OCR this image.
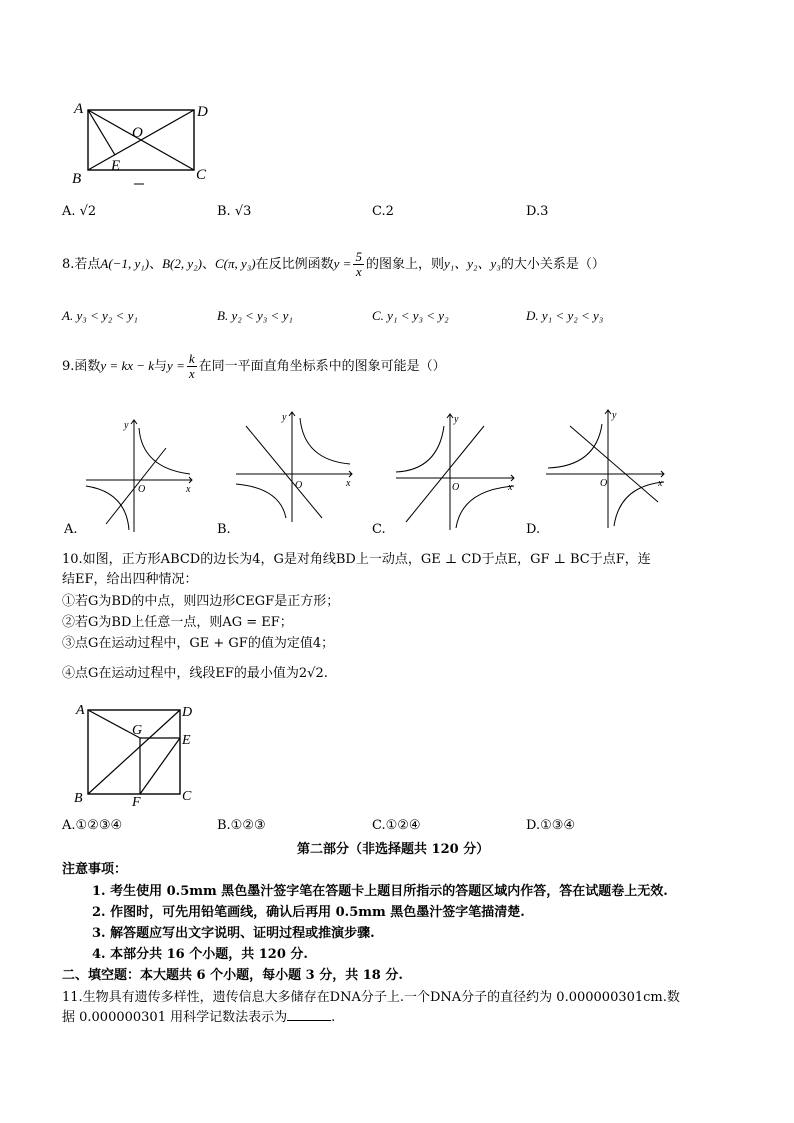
A	D
O
E
B	C
A. √2	B. √3	C.2	D.3
8.若点A(−1, y₁)、B(2, y₂)、C(π, y₃)在反比例函数$y = \frac{5}{x}$ 的图象上，则y₁、y₂、y₃的大小关系是（）
A. y₃ < y₂ < y₁	B. y₂ < y₃ < y₁	C. y₁ < y₃ < y₂	D. y₁ < y₂ < y₃
9.函数y = kx − k与$y = \frac{k}{x}$ 在同一平面直角坐标系中的图象可能是（）
x
y
O
A.
x
y
O
B.
x
y
O
C.
x
y
O
D.
10.如图，正方形ABCD的边长为4，G是对角线BD上一动点，GE ⊥ CD于点E，GF ⊥ BC于点F，连
结EF，给出四种情况：
①若G为BD的中点，则四边形CEGF是正方形；
②若G为BD上任意一点，则AG = EF；
③点G在运动过程中，GE + GF的值为定值4；
④点G在运动过程中，线段EF的最小值为2√2.
A	D
G
E
B	F	C
A.①②③④	B.①②③	C.①②④	D.①③④
第二部分（非选择题共 120 分）
注意事项：
1. 考生使用 0.5mm 黑色墨汁签字笔在答题卡上题目所指示的答题区域内作答，答在试题卷上无效.
2. 作图时，可先用铅笔画线，确认后再用 0.5mm 黑色墨汁签字笔描清楚.
3. 解答题应写出文字说明、证明过程或推演步骤.
4. 本部分共 16 个小题，共 120 分.
二、填空题：本大题共 6 个小题，每小题 3 分，共 18 分.
11.生物具有遗传多样性，遗传信息大多储存在DNA分子上.一个DNA分子的直径约为 0.000000301cm.数
据 0.000000301 用科学记数法表示为	.
